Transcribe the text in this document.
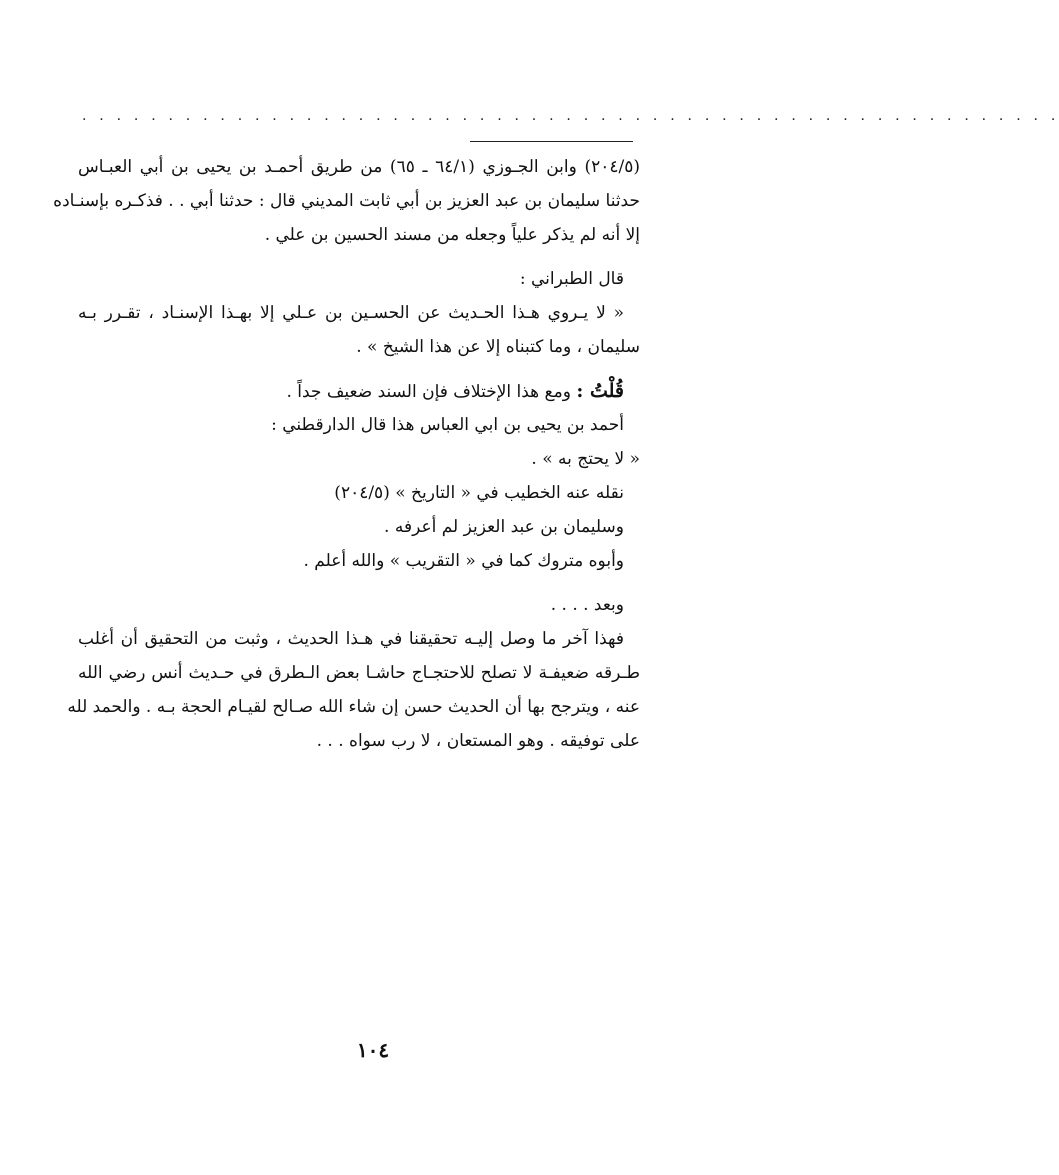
. . . . . . . . . . . . . . . . . . . . . . . . . . . . . . . . . . . . . . . . . . . . . . . . . . . . . . . . .
(٢٠٤/٥) وابن الجـوزي (٦٤/١ ـ ٦٥) من طريق أحمـد بن يحيى بن أبي العبـاس
حدثنا سليمان بن عبد العزيز بن أبي ثابت المديني قال : حدثنا أبي . . فذكـره بإسنـاده
إلا أنه لم يذكر علياً وجعله من مسند الحسين بن علي .
قال الطبراني :
« لا يـروي هـذا الحـديث عن الحسـين بن عـلي إلا بهـذا الإسنـاد ، تقـرر بـه
سليمان ، وما كتبناه إلا عن هذا الشيخ » .
قُلْتُ : ومع هذا الإختلاف فإن السند ضعيف جداً .
أحمد بن يحيى بن ابي العباس هذا قال الدارقطني :
« لا يحتج به » .
نقله عنه الخطيب في « التاريخ » (٢٠٤/٥)
وسليمان بن عبد العزيز لم أعرفه .
وأبوه متروك كما في « التقريب » والله أعلم .
وبعد . . . .
فهذا آخر ما وصل إليـه تحقيقنا في هـذا الحديث ، وثبت من التحقيق أن أغلب
طـرقه ضعيفـة لا تصلح للاحتجـاج حاشـا بعض الـطرق في حـديث أنس رضي الله
عنه ، ويترجح بها أن الحديث حسن إن شاء الله صـالح لقيـام الحجة بـه . والحمد لله
على توفيقه . وهو المستعان ، لا رب سواه . . .
١٠٤
